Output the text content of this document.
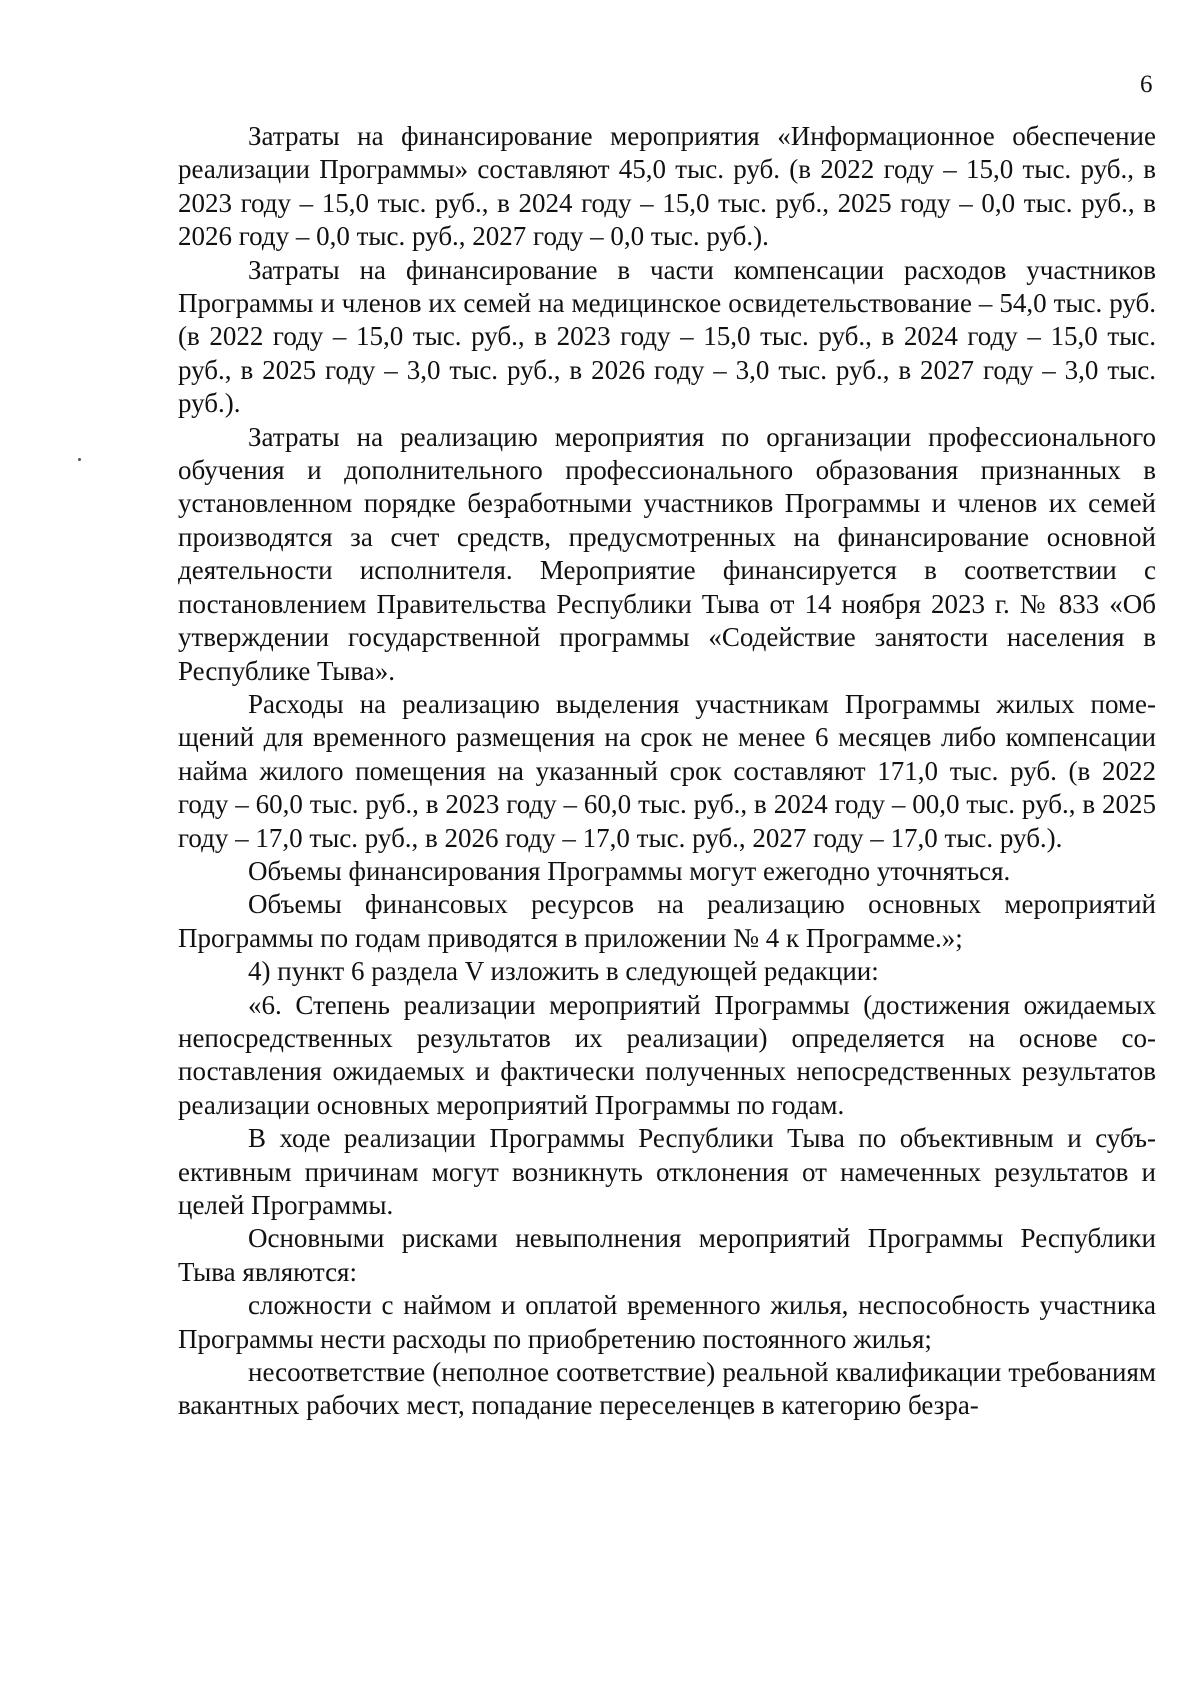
6

Затраты на финансирование мероприятия «Информационное обеспечение реализации Программы» составляют 45,0 тыс. руб. (в 2022 году – 15,0 тыс. руб., в 2023 году – 15,0 тыс. руб., в 2024 году – 15,0 тыс. руб., 2025 году – 0,0 тыс. руб., в 2026 году – 0,0 тыс. руб., 2027 году – 0,0 тыс. руб.).

Затраты на финансирование в части компенсации расходов участников Программы и членов их семей на медицинское освидетельствование – 54,0 тыс. руб. (в 2022 году – 15,0 тыс. руб., в 2023 году – 15,0 тыс. руб., в 2024 году – 15,0 тыс. руб., в 2025 году – 3,0 тыс. руб., в 2026 году – 3,0 тыс. руб., в 2027 году – 3,0 тыс. руб.).

Затраты на реализацию мероприятия по организации профессионального обучения и дополнительного профессионального образования признанных в установленном порядке безработными участников Программы и членов их семей производятся за счет средств, предусмотренных на финансирование основной деятельности исполнителя. Мероприятие финансируется в соответствии с постановлением Правительства Республики Тыва от 14 ноября 2023 г. № 833 «Об утверждении государственной программы «Содействие занятости населения в Республике Тыва».

Расходы на реализацию выделения участникам Программы жилых помещений для временного размещения на срок не менее 6 месяцев либо компенсации найма жилого помещения на указанный срок составляют 171,0 тыс. руб. (в 2022 году – 60,0 тыс. руб., в 2023 году – 60,0 тыс. руб., в 2024 году – 00,0 тыс. руб., в 2025 году – 17,0 тыс. руб., в 2026 году – 17,0 тыс. руб., 2027 году – 17,0 тыс. руб.).

Объемы финансирования Программы могут ежегодно уточняться.

Объемы финансовых ресурсов на реализацию основных мероприятий Программы по годам приводятся в приложении № 4 к Программе.»;

4) пункт 6 раздела V изложить в следующей редакции:

«6. Степень реализации мероприятий Программы (достижения ожидаемых непосредственных результатов их реализации) определяется на основе сопоставления ожидаемых и фактически полученных непосредственных результатов реализации основных мероприятий Программы по годам.

В ходе реализации Программы Республики Тыва по объективным и субъективным причинам могут возникнуть отклонения от намеченных результатов и целей Программы.

Основными рисками невыполнения мероприятий Программы Республики Тыва являются:

сложности с наймом и оплатой временного жилья, неспособность участника Программы нести расходы по приобретению постоянного жилья;

несоответствие (неполное соответствие) реальной квалификации требованиям вакантных рабочих мест, попадание переселенцев в категорию безра-
